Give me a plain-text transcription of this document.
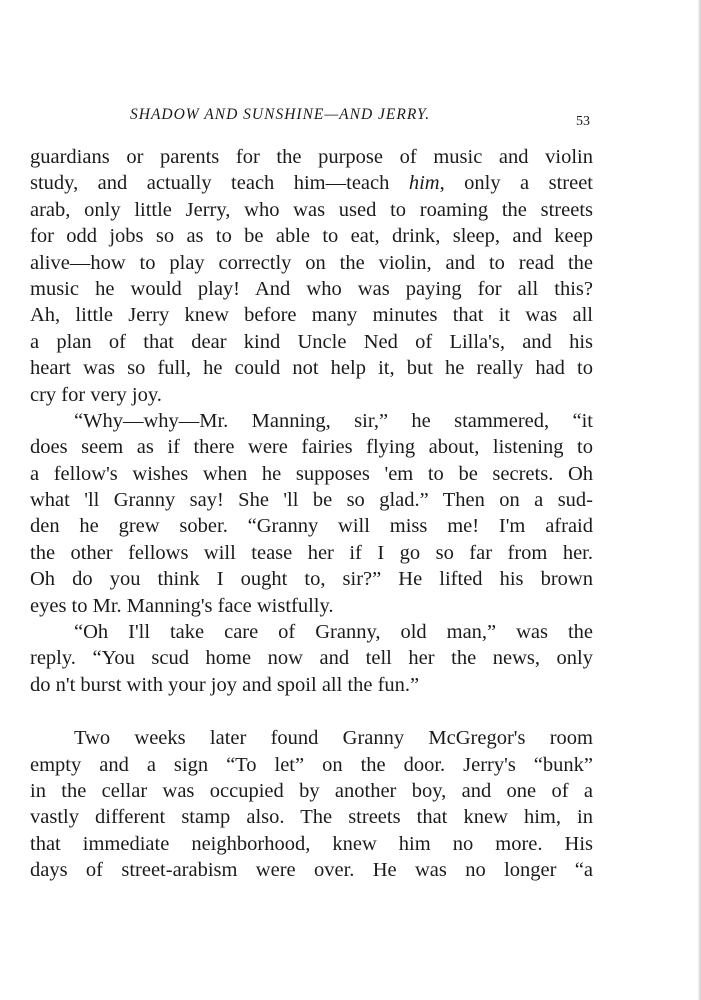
SHADOW AND SUNSHINE—AND JERRY.	53
guardians or parents for the purpose of music and violin
study, and actually teach him—teach him, only a street
arab, only little Jerry, who was used to roaming the streets
for odd jobs so as to be able to eat, drink, sleep, and keep
alive—how to play correctly on the violin, and to read the
music he would play! And who was paying for all this?
Ah, little Jerry knew before many minutes that it was all
a plan of that dear kind Uncle Ned of Lilla's, and his
heart was so full, he could not help it, but he really had to
cry for very joy.
“Why—why—Mr. Manning, sir,” he stammered, “it
does seem as if there were fairies flying about, listening to
a fellow's wishes when he supposes 'em to be secrets. Oh
what 'll Granny say! She 'll be so glad.” Then on a sud-
den he grew sober. “Granny will miss me! I'm afraid
the other fellows will tease her if I go so far from her.
Oh do you think I ought to, sir?” He lifted his brown
eyes to Mr. Manning's face wistfully.
“Oh I'll take care of Granny, old man,” was the
reply. “You scud home now and tell her the news, only
do n't burst with your joy and spoil all the fun.”
Two weeks later found Granny McGregor's room
empty and a sign “To let” on the door. Jerry's “bunk”
in the cellar was occupied by another boy, and one of a
vastly different stamp also. The streets that knew him, in
that immediate neighborhood, knew him no more. His
days of street-arabism were over. He was no longer “a
